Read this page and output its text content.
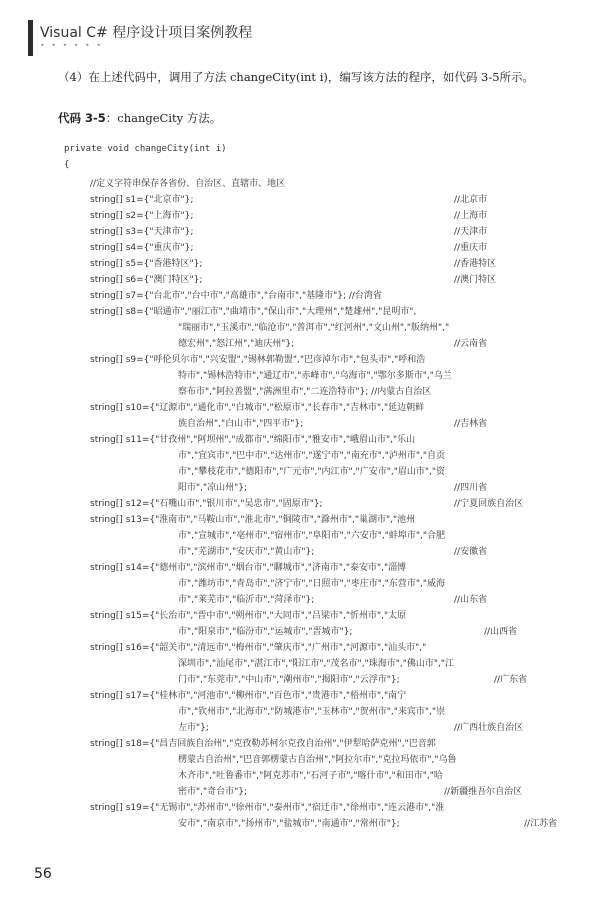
Visual C# 程序设计项目案例教程
• • • • • •
（4）在上述代码中，调用了方法 changeCity(int i)，编写该方法的程序，如代码 3-5所示。
代码 3-5：changeCity 方法。
private void changeCity(int i)
{
//定义字符串保存各省份、自治区、直辖市、地区
string[] s1={"北京市"};	//北京市
string[] s2={"上海市"};	//上海市
string[] s3={"天津市"};	//天津市
string[] s4={"重庆市"};	//重庆市
string[] s5={"香港特区"};	//香港特区
string[] s6={"澳门特区"};	//澳门特区
string[] s7={"台北市","台中市","高雄市","台南市","基隆市"}; //台湾省
string[] s8={"昭通市","丽江市","曲靖市","保山市","大理州","楚雄州","昆明市",
"瑞丽市","玉溪市","临沧市","普洱市","红河州","文山州","版纳州","
德宏州","怒江州","迪庆州"};	//云南省
string[] s9={"呼伦贝尔市","兴安盟","锡林郭勒盟","巴彦淖尔市","包头市","呼和浩
特市","锡林浩特市","通辽市","赤峰市","乌海市","鄂尔多斯市","乌兰
察布市","阿拉善盟","满洲里市","二连浩特市"}; //内蒙古自治区
string[] s10={"辽源市","通化市","白城市","松原市","长春市","吉林市","延边朝鲜
族自治州","白山市","四平市"};	//吉林省
string[] s11={"甘孜州","阿坝州","成都市","绵阳市","雅安市","峨眉山市","乐山
市","宜宾市","巴中市","达州市","遂宁市","南充市","泸州市","自贡
市","攀枝花市","德阳市","广元市","内江市","广安市","眉山市","资
阳市","凉山州"};	//四川省
string[] s12={"石嘴山市","银川市","吴忠市","固原市"};	//宁夏回族自治区
string[] s13={"淮南市","马鞍山市","淮北市","铜陵市","滁州市","巢湖市","池州
市","宣城市","亳州市","宿州市","阜阳市","六安市","蚌埠市","合肥
市","芜湖市","安庆市","黄山市"};	//安徽省
string[] s14={"德州市","滨州市","烟台市","聊城市","济南市","泰安市","淄博
市","潍坊市","青岛市","济宁市","日照市","枣庄市","东营市","威海
市","莱芜市","临沂市","菏泽市"};	//山东省
string[] s15={"长治市","晋中市","朔州市","大同市","吕梁市","忻州市","太原
市","阳泉市","临汾市","运城市","晋城市"};	//山西省
string[] s16={"韶关市","清远市","梅州市","肇庆市","广州市","河源市","汕头市","
深圳市","汕尾市","湛江市","阳江市","茂名市","珠海市","佛山市","江
门市","东莞市","中山市","潮州市","揭阳市","云浮市"};	//广东省
string[] s17={"桂林市","河池市","柳州市","百色市","贵港市","梧州市","南宁
市","钦州市","北海市","防城港市","玉林市","贺州市","来宾市","崇
左市"};	//广西壮族自治区
string[] s18={"昌吉回族自治州","克孜勒苏柯尔克孜自治州","伊犁哈萨克州","巴音郭
楞蒙古自治州","巴音郭楞蒙古自治州","阿拉尔市","克拉玛依市","乌鲁
木齐市","吐鲁番市","阿克苏市","石河子市","喀什市","和田市","哈
密市","奇台市"};	//新疆维吾尔自治区
string[] s19={"无锡市","苏州市","徐州市","泰州市","宿迁市","徐州市","连云港市","淮
安市","南京市","扬州市","盐城市","南通市","常州市"};	//江苏省
56
